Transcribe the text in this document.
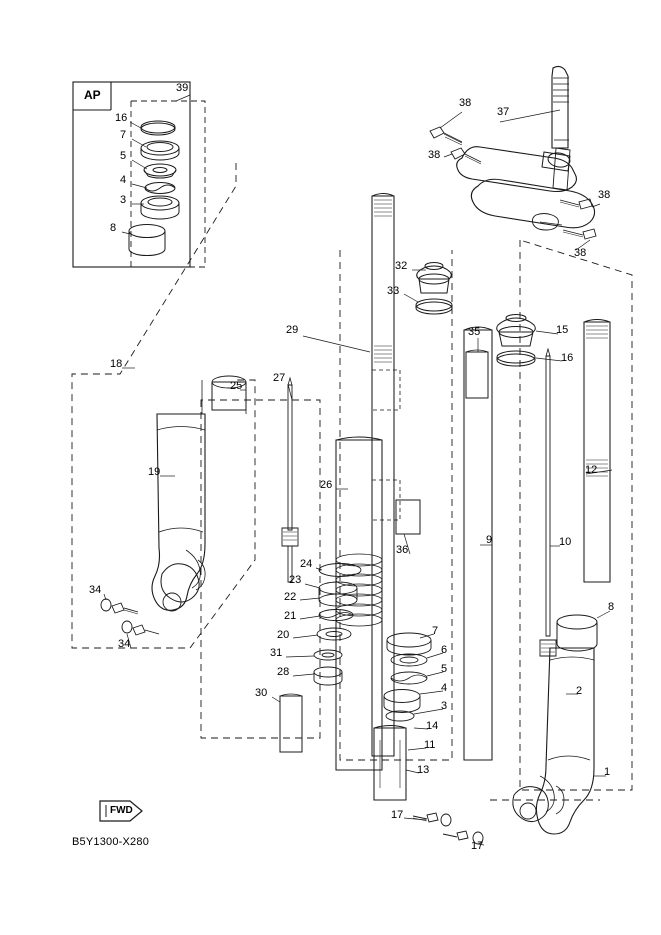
AP
FWD
B5Y1300-X280
39
16
7
5
4
3
8
38
37
38
38
38
32
33
15
16
29	35
18
25
27
19	12
26
9	10
36
24
23
22
21
20
31
28
30
7
6
5
4
3
14
11
13
8
2
1
34
34
17
17
